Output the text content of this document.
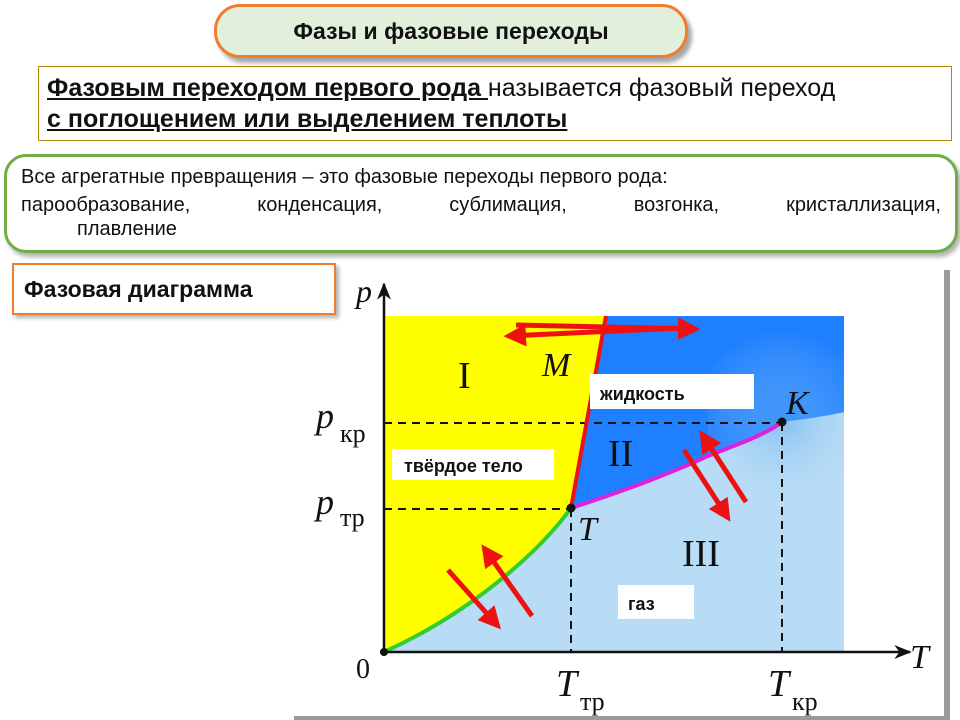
Фазы и фазовые переходы
Фазовым переходом первого рода называется фазовый переход
с поглощением или выделением теплоты
Все агрегатные превращения – это фазовые переходы первого рода:
парообразование,	конденсация,	сублимация,	возгонка,	кристаллизация,
плавление
I
II
III
M
K
T
жидкость
твёрдое тело
газ
p
T
0
p кр
p тр
T тр	T кр
Фазовая диаграмма
